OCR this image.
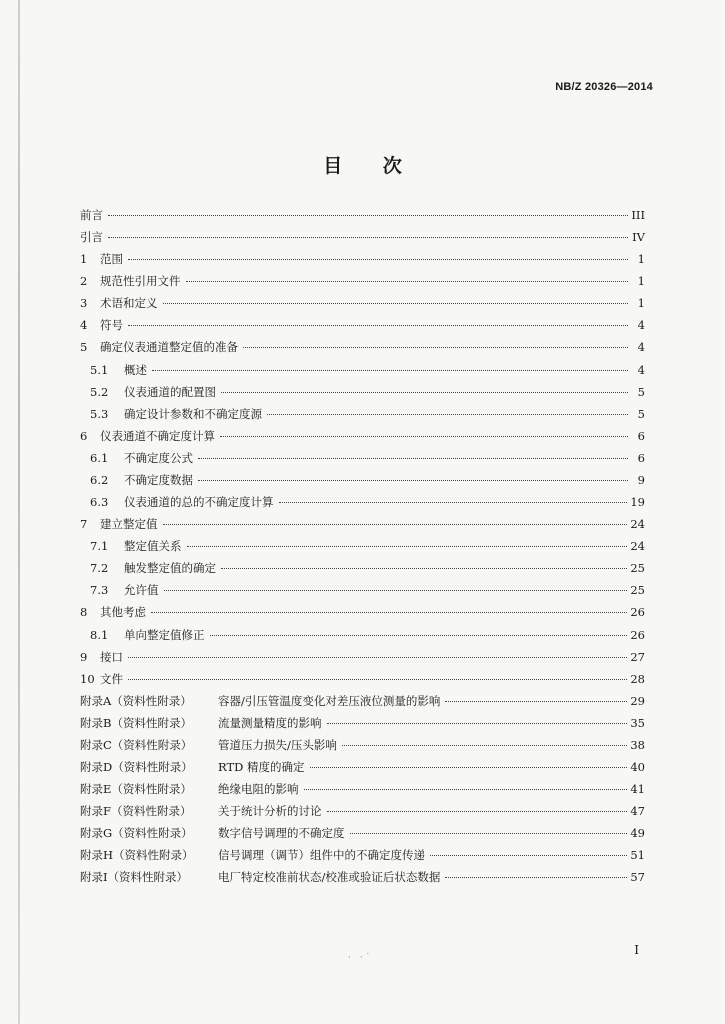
NB/Z 20326—2014
目 次
前言	III
引言	IV
1 范围	1
2 规范性引用文件	1
3 术语和定义	1
4 符号	4
5 确定仪表通道整定值的准备	4
5.1 概述	4
5.2 仪表通道的配置图	5
5.3 确定设计参数和不确定度源	5
6 仪表通道不确定度计算	6
6.1 不确定度公式	6
6.2 不确定度数据	9
6.3 仪表通道的总的不确定度计算	19
7 建立整定值	24
7.1 整定值关系	24
7.2 触发整定值的确定	25
7.3 允许值	25
8 其他考虑	26
8.1 单向整定值修正	26
9 接口	27
10 文件	28
附录A（资料性附录） 容器/引压管温度变化对差压液位测量的影响	29
附录B（资料性附录） 流量测量精度的影响	35
附录C（资料性附录） 管道压力损失/压头影响	38
附录D（资料性附录） RTD 精度的确定	40
附录E（资料性附录） 绝缘电阻的影响	41
附录F（资料性附录） 关于统计分析的讨论	47
附录G（资料性附录） 数字信号调理的不确定度	49
附录H（资料性附录） 信号调理（调节）组件中的不确定度传递	51
附录I（资料性附录）	电厂特定校准前状态/校准或验证后状态数据	57
I
· ·˙
